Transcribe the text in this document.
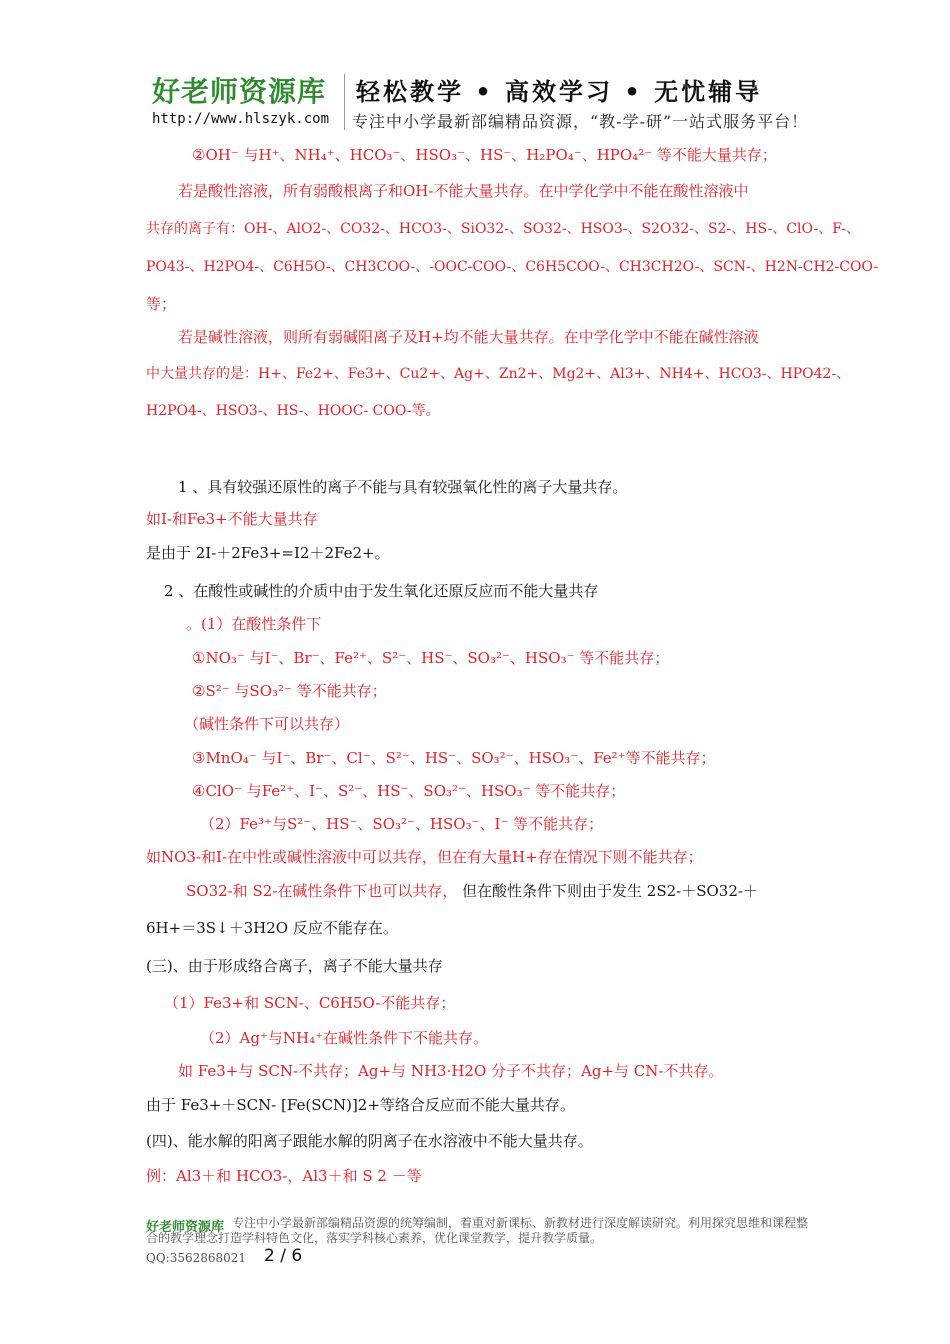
好老师资源库 轻松教学 • 高效学习 • 无忧辅导
http://www.hlszyk.com 专注中小学最新部编精品资源，“教-学-研”一站式服务平台！
②OH⁻ 与H⁺、NH₄⁺、HCO₃⁻、HSO₃⁻、HS⁻、H₂PO₄⁻、HPO₄²⁻ 等不能大量共存；
若是酸性溶液，所有弱酸根离子和OH-不能大量共存。在中学化学中不能在酸性溶液中
共存的离子有：OH-、AlO2-、CO32-、HCO3-、SiO32-、SO32-、HSO3-、S2O32-、S2-、HS-、ClO-、F-、
PO43-、H2PO4-、C6H5O-、CH3COO-、-OOC-COO-、C6H5COO-、CH3CH2O-、SCN-、H2N-CH2-COO-
等；
若是碱性溶液，则所有弱碱阳离子及H+均不能大量共存。在中学化学中不能在碱性溶液
中大量共存的是：H+、Fe2+、Fe3+、Cu2+、Ag+、Zn2+、Mg2+、Al3+、NH4+、HCO3-、HPO42-、
H2PO4-、HSO3-、HS-、HOOC- COO-等。
1 、具有较强还原性的离子不能与具有较强氧化性的离子大量共存。
如I-和Fe3+不能大量共存
是由于 2I-＋2Fe3+=I2＋2Fe2+。
2 、在酸性或碱性的介质中由于发生氧化还原反应而不能大量共存
。(1）在酸性条件下
①NO₃⁻ 与I⁻、Br⁻、Fe²⁺、S²⁻、HS⁻、SO₃²⁻、HSO₃⁻ 等不能共存；
②S²⁻ 与SO₃²⁻ 等不能共存；
（碱性条件下可以共存）
③MnO₄⁻ 与I⁻、Br⁻、Cl⁻、S²⁻、HS⁻、SO₃²⁻、HSO₃⁻、Fe²⁺等不能共存；
④ClO⁻ 与Fe²⁺、I⁻、S²⁻、HS⁻、SO₃²⁻、HSO₃⁻ 等不能共存；
（2）Fe³⁺与S²⁻、HS⁻、SO₃²⁻、HSO₃⁻、I⁻ 等不能共存；
如NO3-和I-在中性或碱性溶液中可以共存，但在有大量H+存在情况下则不能共存；
SO32-和 S2-在碱性条件下也可以共存， 但在酸性条件下则由于发生 2S2-＋SO32-＋
6H+＝3S↓＋3H2O 反应不能存在。
(三)、由于形成络合离子，离子不能大量共存
（1）Fe3+和 SCN-、C6H5O-不能共存；
（2）Ag⁺与NH₄⁺在碱性条件下不能共存。
如 Fe3+与 SCN-不共存；Ag+与 NH3·H2O 分子不共存；Ag+与 CN-不共存。
由于 Fe3+＋SCN- [Fe(SCN)]2+等络合反应而不能大量共存。
(四)、能水解的阳离子跟能水解的阴离子在水溶液中不能大量共存。
例：Al3＋和 HCO3-，Al3＋和 S 2 －等
专注中小学最新部编精品资源的统筹编制，着重对新课标、新教材进行深度解读研究。利用探究思维和课程整合的教学理念打造学科特色文化，落实学科核心素养，优化课堂教学，提升教学质量。
好老师资源库
QQ:3562868021 2 / 6
